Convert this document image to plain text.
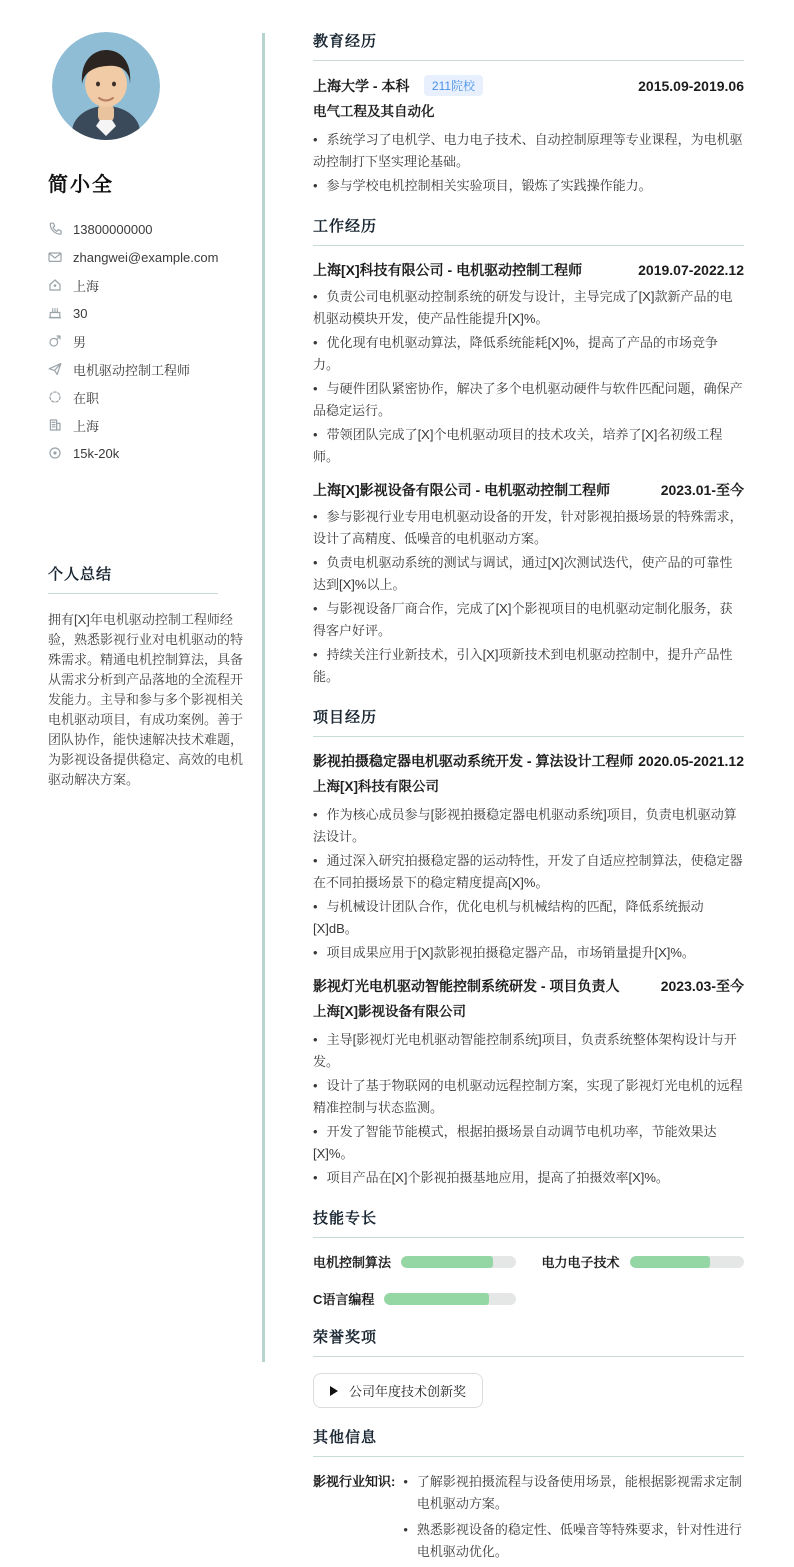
简小全
13800000000
zhangwei@example.com
上海
30
男
电机驱动控制工程师
在职
上海
15k-20k
个人总结

拥有[X]年电机驱动控制工程师经验，熟悉影视行业对电机驱动的特殊需求。精通电机控制算法，具备从需求分析到产品落地的全流程开发能力。主导和参与多个影视相关电机驱动项目，有成功案例。善于团队协作，能快速解决技术难题，为影视设备提供稳定、高效的电机驱动解决方案。

教育经历
上海大学 - 本科 211院校	2015.09-2019.06
电气工程及其自动化
• 系统学习了电机学、电力电子技术、自动控制原理等专业课程，为电机驱动控制打下坚实理论基础。
• 参与学校电机控制相关实验项目，锻炼了实践操作能力。
工作经历
上海[X]科技有限公司 - 电机驱动控制工程师	2019.07-2022.12
• 负责公司电机驱动控制系统的研发与设计，主导完成了[X]款新产品的电机驱动模块开发，使产品性能提升[X]%。
• 优化现有电机驱动算法，降低系统能耗[X]%，提高了产品的市场竞争力。
• 与硬件团队紧密协作，解决了多个电机驱动硬件与软件匹配问题，确保产品稳定运行。
• 带领团队完成了[X]个电机驱动项目的技术攻关，培养了[X]名初级工程师。
上海[X]影视设备有限公司 - 电机驱动控制工程师	2023.01-至今
• 参与影视行业专用电机驱动设备的开发，针对影视拍摄场景的特殊需求，设计了高精度、低噪音的电机驱动方案。
• 负责电机驱动系统的测试与调试，通过[X]次测试迭代，使产品的可靠性达到[X]%以上。
• 与影视设备厂商合作，完成了[X]个影视项目的电机驱动定制化服务，获得客户好评。
• 持续关注行业新技术，引入[X]项新技术到电机驱动控制中，提升产品性能。
项目经历
影视拍摄稳定器电机驱动系统开发 - 算法设计工程师 2020.05-2021.12
上海[X]科技有限公司
• 作为核心成员参与[影视拍摄稳定器电机驱动系统]项目，负责电机驱动算法设计。
• 通过深入研究拍摄稳定器的运动特性，开发了自适应控制算法，使稳定器在不同拍摄场景下的稳定精度提高[X]%。
• 与机械设计团队合作，优化电机与机械结构的匹配，降低系统振动[X]dB。
• 项目成果应用于[X]款影视拍摄稳定器产品，市场销量提升[X]%。
影视灯光电机驱动智能控制系统研发 - 项目负责人	2023.03-至今
上海[X]影视设备有限公司
• 主导[影视灯光电机驱动智能控制系统]项目，负责系统整体架构设计与开发。
• 设计了基于物联网的电机驱动远程控制方案，实现了影视灯光电机的远程精准控制与状态监测。
• 开发了智能节能模式，根据拍摄场景自动调节电机功率，节能效果达[X]%。
• 项目产品在[X]个影视拍摄基地应用，提高了拍摄效率[X]%。
技能专长
电机控制算法	电力电子技术
C语言编程
荣誉奖项
公司年度技术创新奖
其他信息
影视行业知识: • 了解影视拍摄流程与设备使用场景，能根据影视需求定制电机驱动方案。
• 熟悉影视设备的稳定性、低噪音等特殊要求，针对性进行电机驱动优化。
